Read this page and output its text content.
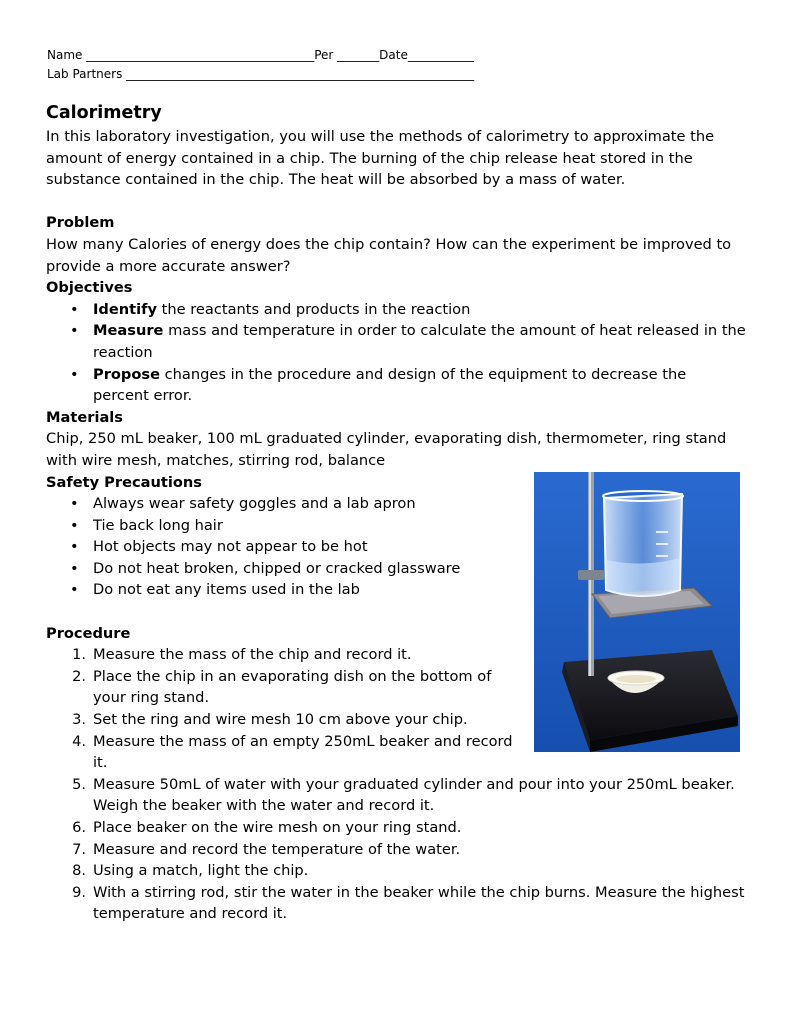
Name ______________________________________Per _______Date___________
Lab Partners __________________________________________________________
Calorimetry

In this laboratory investigation, you will use the methods of calorimetry to approximate the amount of energy contained in a chip. The burning of the chip release heat stored in the substance contained in the chip. The heat will be absorbed by a mass of water.

Problem

How many Calories of energy does the chip contain? How can the experiment be improved to provide a more accurate answer?

Objectives

• Identify the reactants and products in the reaction
• Measure mass and temperature in order to calculate the amount of heat released in the reaction
• Propose changes in the procedure and design of the equipment to decrease the percent error.

Materials

Chip, 250 mL beaker, 100 mL graduated cylinder, evaporating dish, thermometer, ring stand with wire mesh, matches, stirring rod, balance

Safety Precautions

• Always wear safety goggles and a lab apron
• Tie back long hair
• Hot objects may not appear to be hot
• Do not heat broken, chipped or cracked glassware
• Do not eat any items used in the lab

Procedure

1. Measure the mass of the chip and record it.
2. Place the chip in an evaporating dish on the bottom of your ring stand.
3. Set the ring and wire mesh 10 cm above your chip.
4. Measure the mass of an empty 250mL beaker and record it.
5. Measure 50mL of water with your graduated cylinder and pour into your 250mL beaker. Weigh the beaker with the water and record it.
6. Place beaker on the wire mesh on your ring stand.
7. Measure and record the temperature of the water.
8. Using a match, light the chip.
9. With a stirring rod, stir the water in the beaker while the chip burns. Measure the highest temperature and record it.
